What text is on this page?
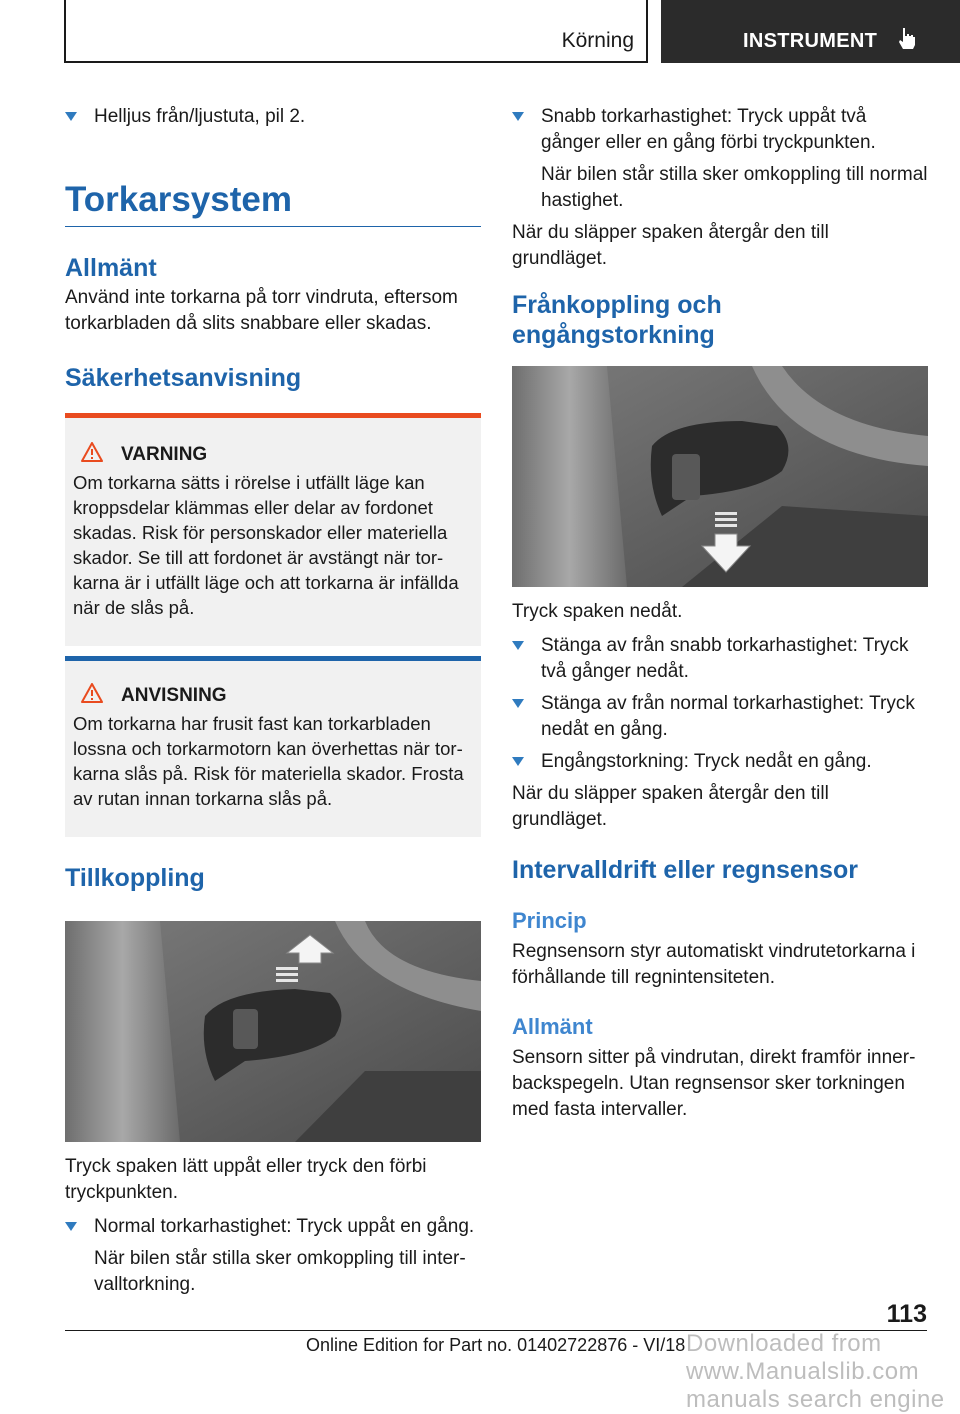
Körning	INSTRUMENT

Helljus från/ljustuta, pil 2.

Torkarsystem
Allmänt

Använd inte torkarna på torr vindruta, eftersom torkarbladen då slits snabbare eller skadas.

Säkerhetsanvisning
VARNING

Om torkarna sätts i rörelse i utfällt läge kan kroppsdelar klämmas eller delar av fordonet skadas. Risk för personskador eller materiella skador. Se till att fordonet är avstängt när torkarna är i utfällt läge och att torkarna är infällda när de slås på.

ANVISNING

Om torkarna har frusit fast kan torkarbladen lossna och torkarmotorn kan överhettas när torkarna slås på. Risk för materiella skador. Frosta av rutan innan torkarna slås på.

Tillkoppling

Tryck spaken lätt uppåt eller tryck den förbi tryckpunkten.

Normal torkarhastighet: Tryck uppåt en gång.

När bilen står stilla sker omkoppling till intervalltorkning.

Snabb torkarhastighet: Tryck uppåt två gånger eller en gång förbi tryckpunkten.

När bilen står stilla sker omkoppling till normal hastighet.

När du släpper spaken återgår den till grundläget.

Frånkoppling och engångstorkning

Tryck spaken nedåt.

Stänga av från snabb torkarhastighet: Tryck två gånger nedåt.

Stänga av från normal torkarhastighet: Tryck nedåt en gång.

Engångstorkning: Tryck nedåt en gång.

När du släpper spaken återgår den till grundläget.

Intervalldrift eller regnsensor
Princip

Regnsensorn styr automatiskt vindrutetorkarna i förhållande till regnintensiteten.

Allmänt

Sensorn sitter på vindrutan, direkt framför innerbackspegeln. Utan regnsensor sker torkningen med fasta intervaller.

113
Online Edition for Part no. 01402722876 - VI/18 Downloaded from www.Manualslib.com manuals search engine
